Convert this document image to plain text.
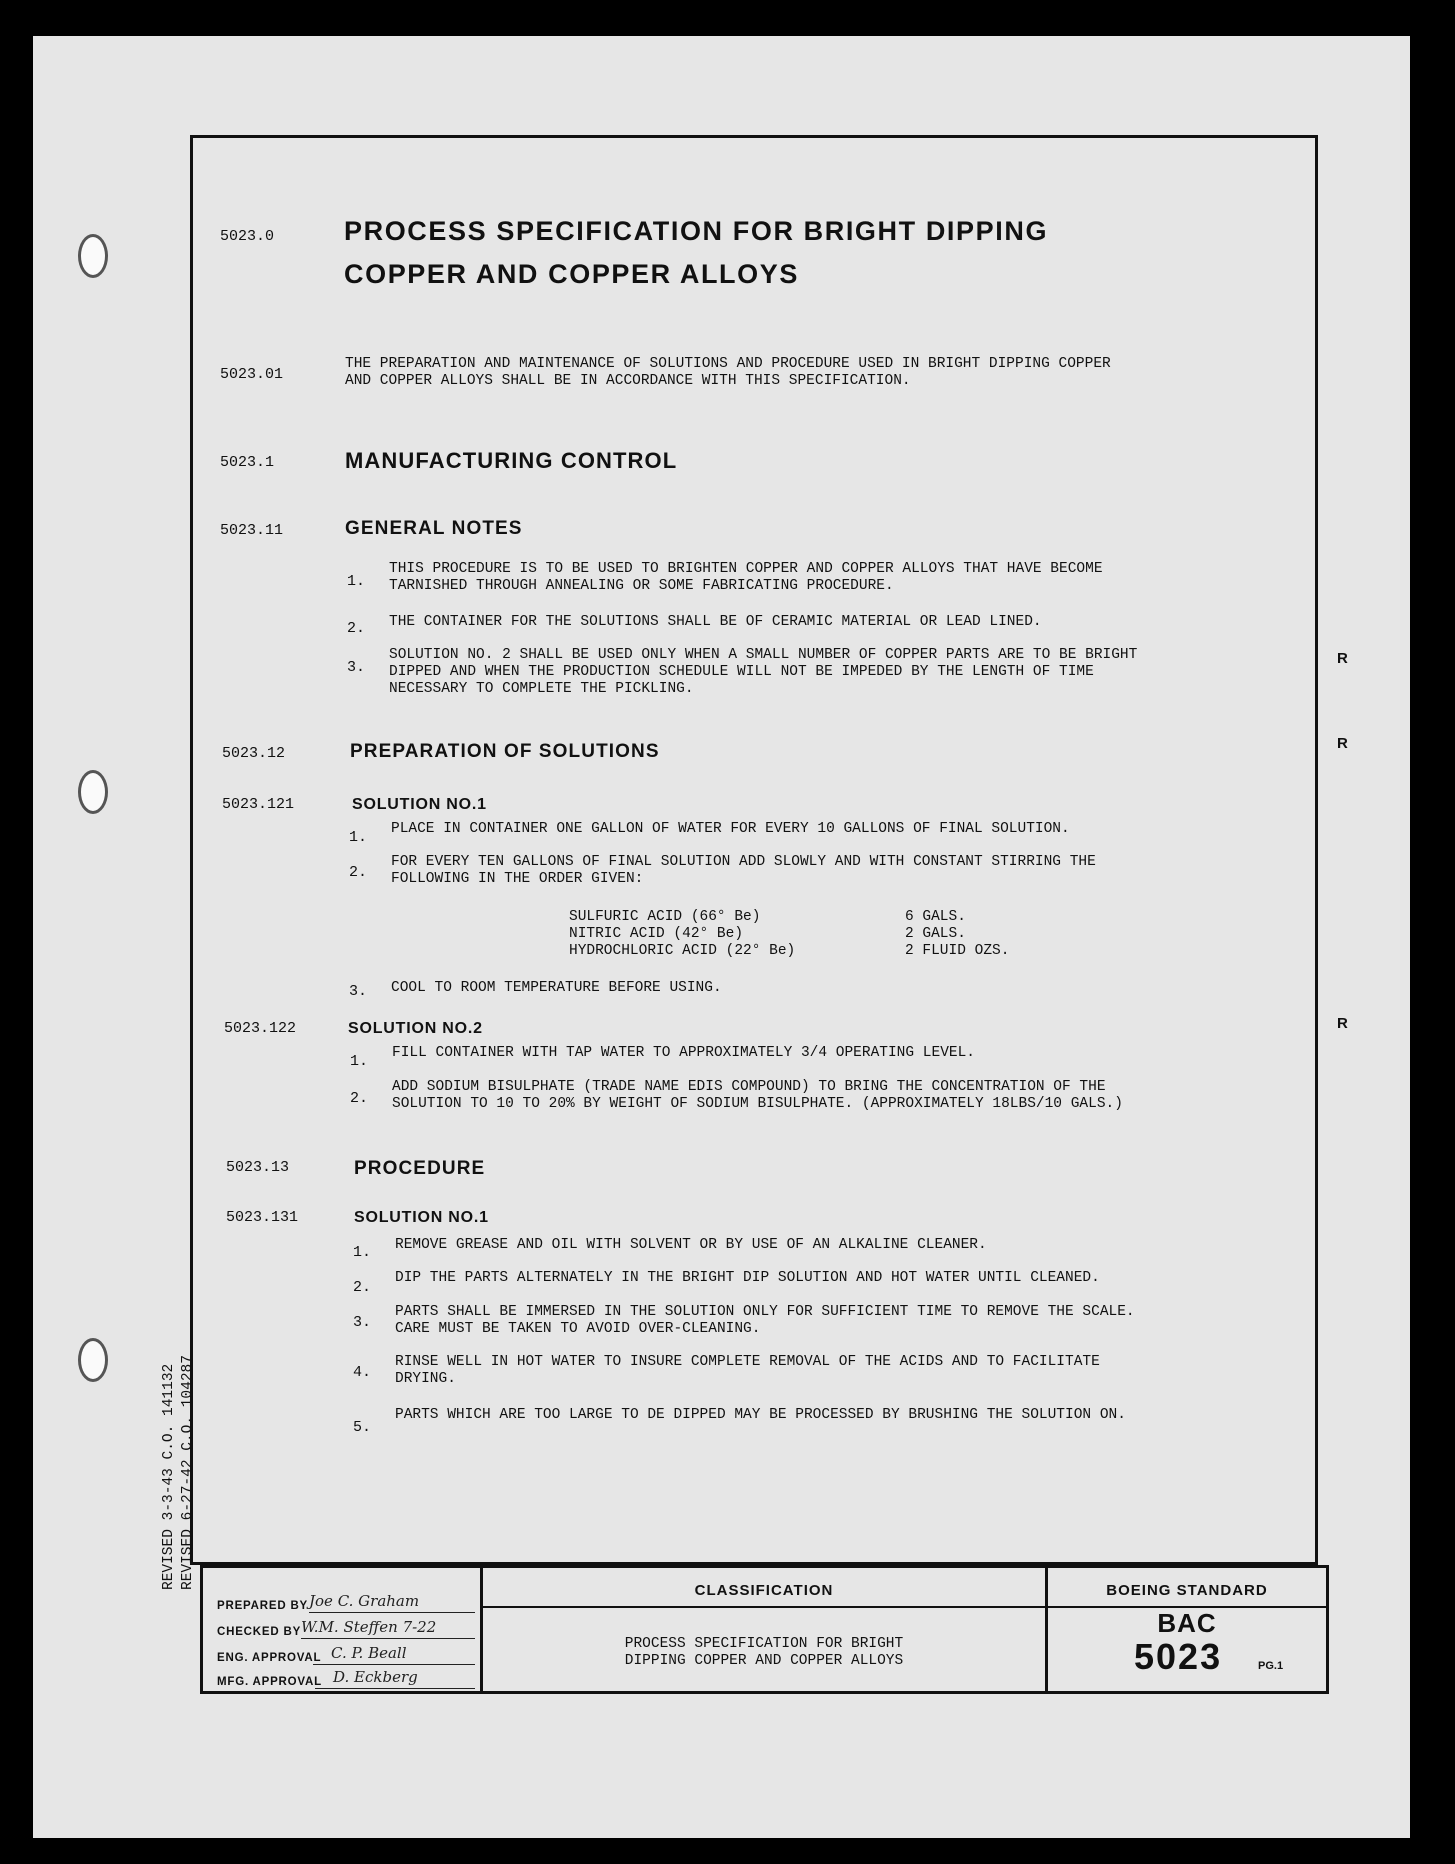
5023.0	PROCESS SPECIFICATION FOR BRIGHT DIPPING
COPPER AND COPPER ALLOYS
5023.01
THE PREPARATION AND MAINTENANCE OF SOLUTIONS AND PROCEDURE USED IN BRIGHT DIPPING COPPER
AND COPPER ALLOYS SHALL BE IN ACCORDANCE WITH THIS SPECIFICATION.
5023.1	MANUFACTURING CONTROL
5023.11	GENERAL NOTES
1.
THIS PROCEDURE IS TO BE USED TO BRIGHTEN COPPER AND COPPER ALLOYS THAT HAVE BECOME
TARNISHED THROUGH ANNEALING OR SOME FABRICATING PROCEDURE.
2. THE CONTAINER FOR THE SOLUTIONS SHALL BE OF CERAMIC MATERIAL OR LEAD LINED.
3.
SOLUTION NO. 2 SHALL BE USED ONLY WHEN A SMALL NUMBER OF COPPER PARTS ARE TO BE BRIGHT
DIPPED AND WHEN THE PRODUCTION SCHEDULE WILL NOT BE IMPEDED BY THE LENGTH OF TIME
NECESSARY TO COMPLETE THE PICKLING.
5023.12	PREPARATION OF SOLUTIONS
5023.121	SOLUTION NO.1
1. PLACE IN CONTAINER ONE GALLON OF WATER FOR EVERY 10 GALLONS OF FINAL SOLUTION.
2.
FOR EVERY TEN GALLONS OF FINAL SOLUTION ADD SLOWLY AND WITH CONSTANT STIRRING THE
FOLLOWING IN THE ORDER GIVEN:
SULFURIC ACID (66° Be)	6 GALS.
NITRIC ACID (42° Be)	2 GALS.
HYDROCHLORIC ACID (22° Be)	2 FLUID OZS.
3. COOL TO ROOM TEMPERATURE BEFORE USING.
5023.122	SOLUTION NO.2
1. FILL CONTAINER WITH TAP WATER TO APPROXIMATELY 3/4 OPERATING LEVEL.
2.
ADD SODIUM BISULPHATE (TRADE NAME EDIS COMPOUND) TO BRING THE CONCENTRATION OF THE
SOLUTION TO 10 TO 20% BY WEIGHT OF SODIUM BISULPHATE. (APPROXIMATELY 18LBS/10 GALS.)
5023.13	PROCEDURE
5023.131	SOLUTION NO.1
1. REMOVE GREASE AND OIL WITH SOLVENT OR BY USE OF AN ALKALINE CLEANER.
2.
DIP THE PARTS ALTERNATELY IN THE BRIGHT DIP SOLUTION AND HOT WATER UNTIL CLEANED.
3.
PARTS SHALL BE IMMERSED IN THE SOLUTION ONLY FOR SUFFICIENT TIME TO REMOVE THE SCALE.
CARE MUST BE TAKEN TO AVOID OVER-CLEANING.
4.
RINSE WELL IN HOT WATER TO INSURE COMPLETE REMOVAL OF THE ACIDS AND TO FACILITATE
DRYING.
5.
PARTS WHICH ARE TOO LARGE TO DE DIPPED MAY BE PROCESSED BY BRUSHING THE SOLUTION ON.
R
R
R
REVISED 3-3-43 C.O. 141132 REVISED 6-27-42 C.O. 104287
PREPARED BY Joe C. Graham
CHECKED BY W.M. Steffen 7-22
ENG. APPROVAL C. P. Beall
MFG. APPROVAL D. Eckberg
CLASSIFICATION
PROCESS SPECIFICATION FOR BRIGHT
DIPPING COPPER AND COPPER ALLOYS
BOEING STANDARD
BAC
5023	PG.1
